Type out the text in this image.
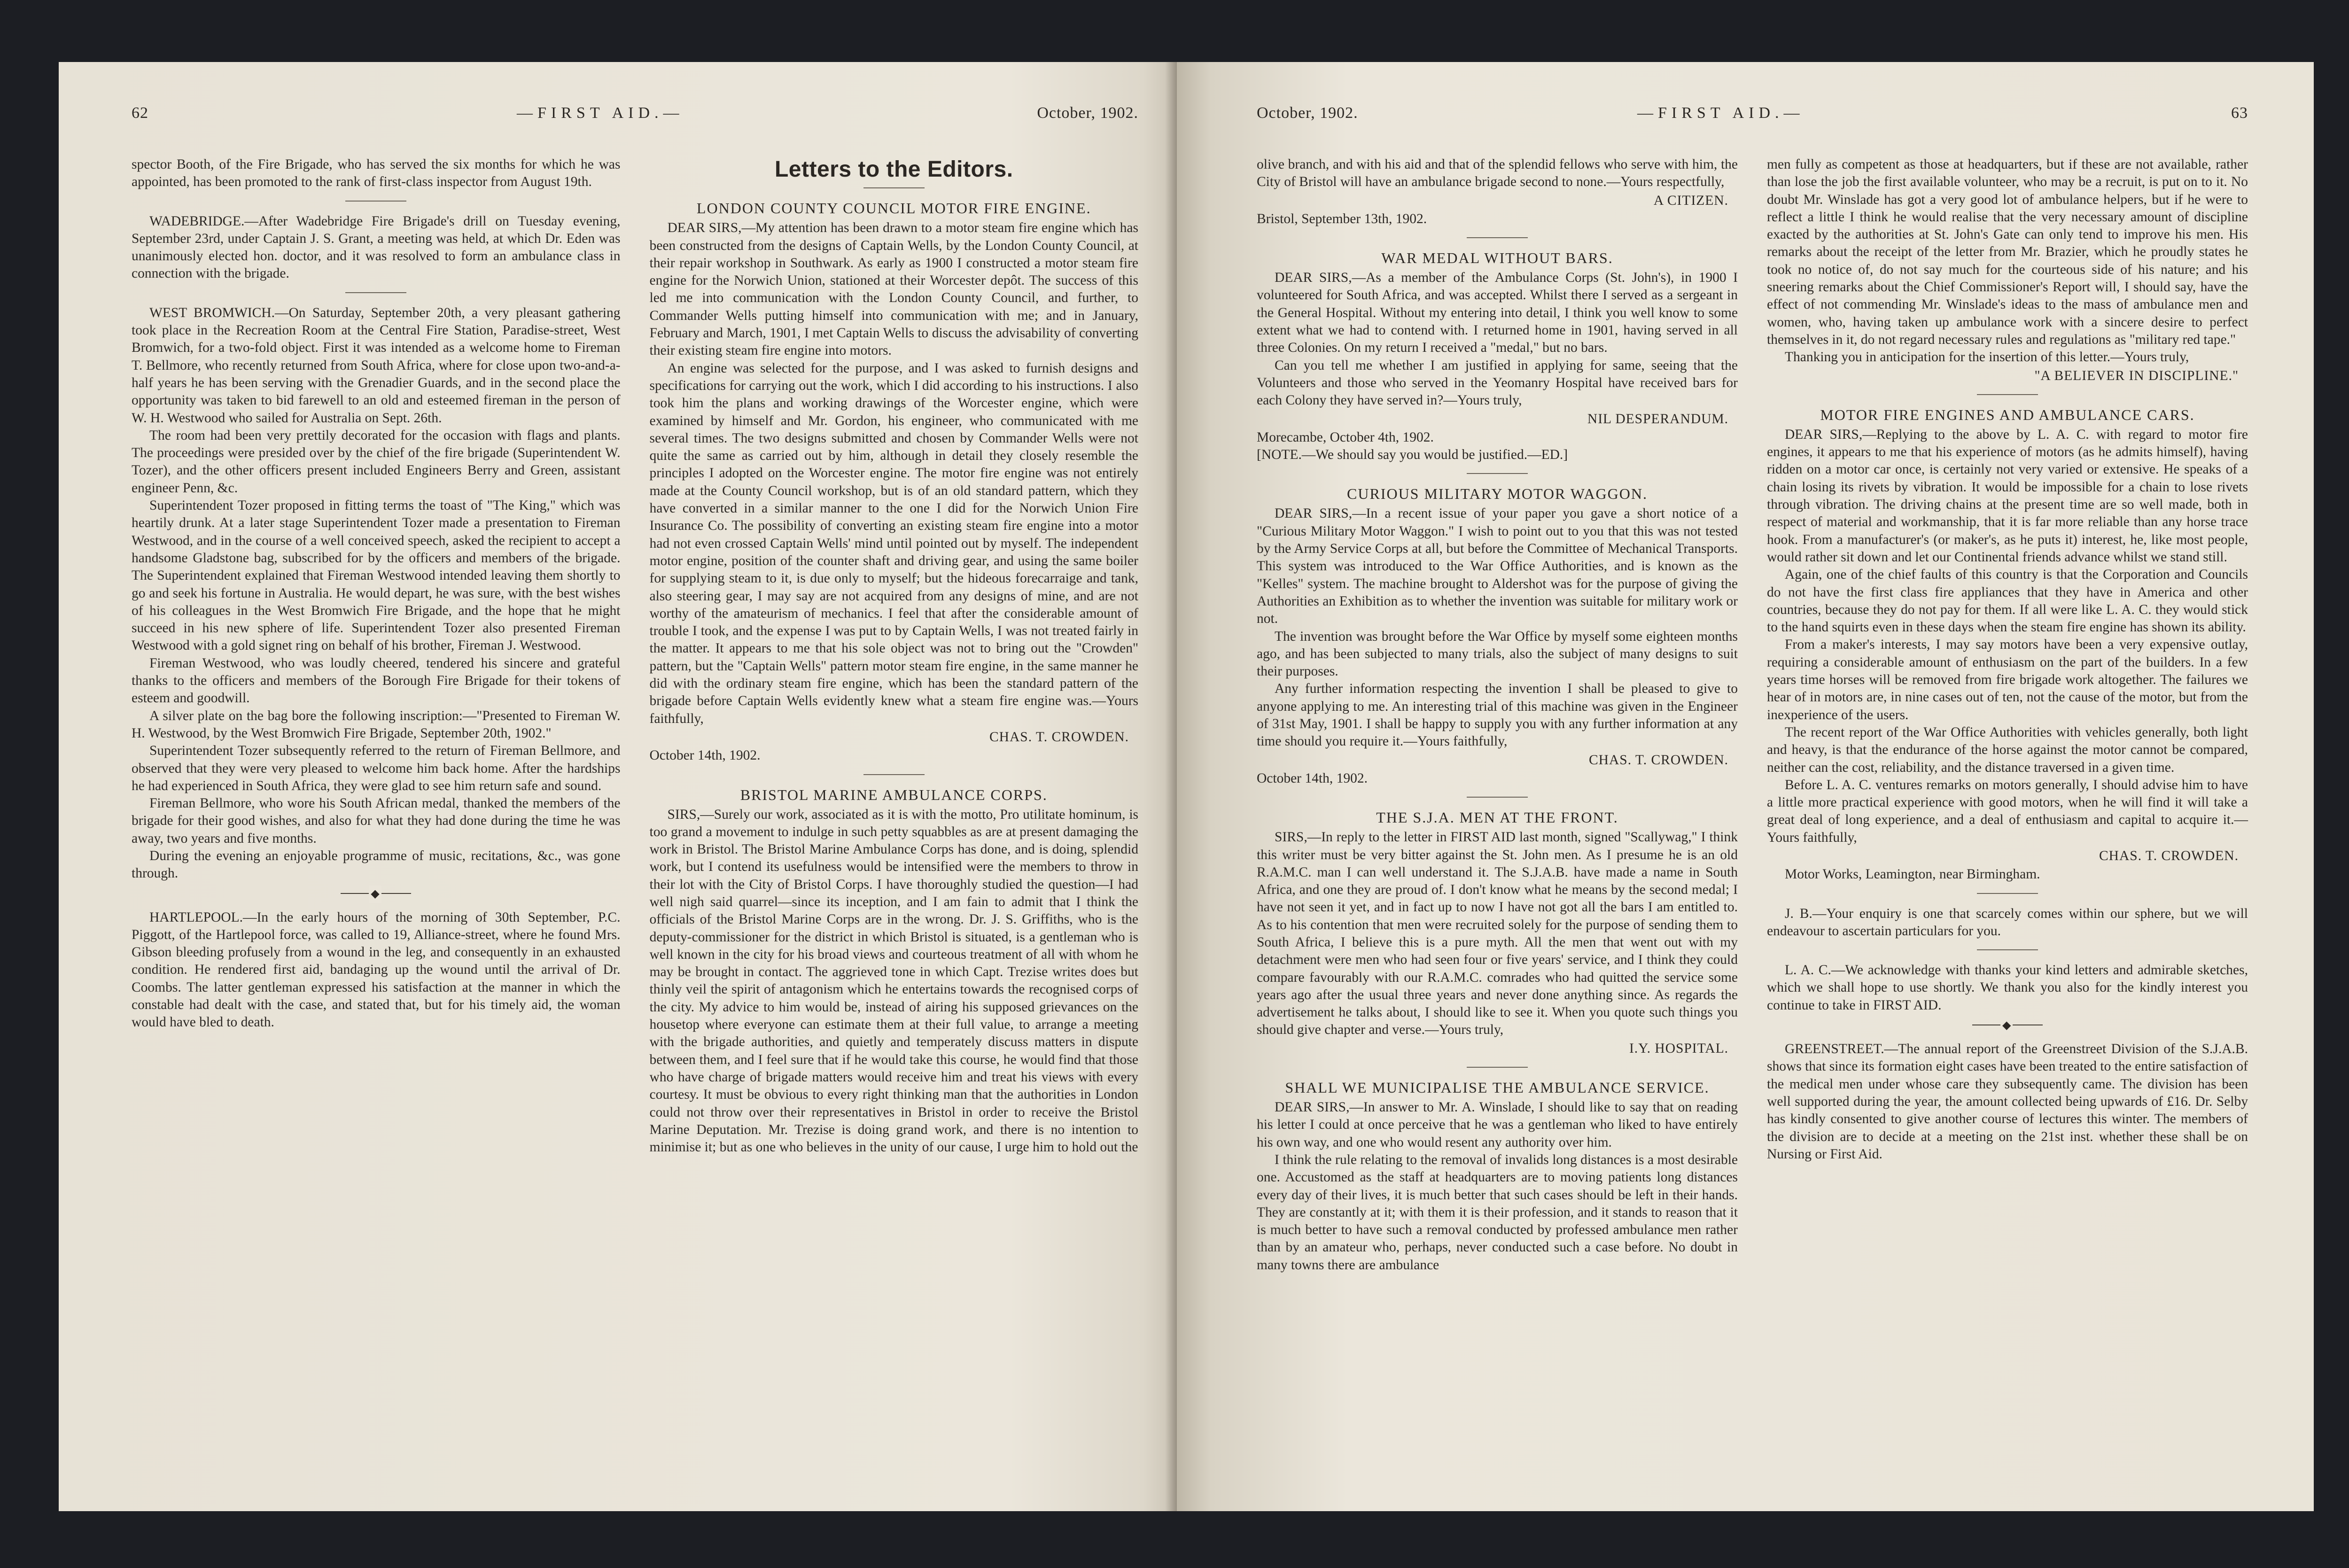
62	—FIRST AID.—	October, 1902.

spector Booth, of the Fire Brigade, who has served the six months for which he was appointed, has been promoted to the rank of first-class inspector from August 19th.

WADEBRIDGE.—After Wadebridge Fire Brigade's drill on Tuesday evening, September 23rd, under Captain J. S. Grant, a meeting was held, at which Dr. Eden was unanimously elected hon. doctor, and it was resolved to form an ambulance class in connection with the brigade.

WEST BROMWICH.—On Saturday, September 20th, a very pleasant gathering took place in the Recreation Room at the Central Fire Station, Paradise-street, West Bromwich, for a two-fold object. First it was intended as a welcome home to Fireman T. Bellmore, who recently returned from South Africa, where for close upon two-and-a-half years he has been serving with the Grenadier Guards, and in the second place the opportunity was taken to bid farewell to an old and esteemed fireman in the person of W. H. Westwood who sailed for Australia on Sept. 26th.

The room had been very prettily decorated for the occasion with flags and plants. The proceedings were presided over by the chief of the fire brigade (Superintendent W. Tozer), and the other officers present included Engineers Berry and Green, assistant engineer Penn, &c.

Superintendent Tozer proposed in fitting terms the toast of "The King," which was heartily drunk. At a later stage Superintendent Tozer made a presentation to Fireman Westwood, and in the course of a well conceived speech, asked the recipient to accept a handsome Gladstone bag, subscribed for by the officers and members of the brigade. The Superintendent explained that Fireman Westwood intended leaving them shortly to go and seek his fortune in Australia. He would depart, he was sure, with the best wishes of his colleagues in the West Bromwich Fire Brigade, and the hope that he might succeed in his new sphere of life. Superintendent Tozer also presented Fireman Westwood with a gold signet ring on behalf of his brother, Fireman J. Westwood.

Fireman Westwood, who was loudly cheered, tendered his sincere and grateful thanks to the officers and members of the Borough Fire Brigade for their tokens of esteem and goodwill.

A silver plate on the bag bore the following inscription:—"Presented to Fireman W. H. Westwood, by the West Bromwich Fire Brigade, September 20th, 1902."

Superintendent Tozer subsequently referred to the return of Fireman Bellmore, and observed that they were very pleased to welcome him back home. After the hardships he had experienced in South Africa, they were glad to see him return safe and sound.

Fireman Bellmore, who wore his South African medal, thanked the members of the brigade for their good wishes, and also for what they had done during the time he was away, two years and five months.

During the evening an enjoyable programme of music, recitations, &c., was gone through.

◆

HARTLEPOOL.—In the early hours of the morning of 30th September, P.C. Piggott, of the Hartlepool force, was called to 19, Alliance-street, where he found Mrs. Gibson bleeding profusely from a wound in the leg, and consequently in an exhausted condition. He rendered first aid, bandaging up the wound until the arrival of Dr. Coombs. The latter gentleman expressed his satisfaction at the manner in which the constable had dealt with the case, and stated that, but for his timely aid, the woman would have bled to death.

Letters to the Editors.
LONDON COUNTY COUNCIL MOTOR FIRE ENGINE.

DEAR SIRS,—My attention has been drawn to a motor steam fire engine which has been constructed from the designs of Captain Wells, by the London County Council, at their repair workshop in Southwark. As early as 1900 I constructed a motor steam fire engine for the Norwich Union, stationed at their Worcester depôt. The success of this led me into communication with the London County Council, and further, to Commander Wells putting himself into communication with me; and in January, February and March, 1901, I met Captain Wells to discuss the advisability of converting their existing steam fire engine into motors.

An engine was selected for the purpose, and I was asked to furnish designs and specifications for carrying out the work, which I did according to his instructions. I also took him the plans and working drawings of the Worcester engine, which were examined by himself and Mr. Gordon, his engineer, who communicated with me several times. The two designs submitted and chosen by Commander Wells were not quite the same as carried out by him, although in detail they closely resemble the principles I adopted on the Worcester engine. The motor fire engine was not entirely made at the County Council workshop, but is of an old standard pattern, which they have converted in a similar manner to the one I did for the Norwich Union Fire Insurance Co. The possibility of converting an existing steam fire engine into a motor had not even crossed Captain Wells' mind until pointed out by myself. The independent motor engine, position of the counter shaft and driving gear, and using the same boiler for supplying steam to it, is due only to myself; but the hideous forecarraige and tank, also steering gear, I may say are not acquired from any designs of mine, and are not worthy of the amateurism of mechanics. I feel that after the considerable amount of trouble I took, and the expense I was put to by Captain Wells, I was not treated fairly in the matter. It appears to me that his sole object was not to bring out the "Crowden" pattern, but the "Captain Wells" pattern motor steam fire engine, in the same manner he did with the ordinary steam fire engine, which has been the standard pattern of the brigade before Captain Wells evidently knew what a steam fire engine was.—Yours faithfully,

CHAS. T. CROWDEN.

October 14th, 1902.

BRISTOL MARINE AMBULANCE CORPS.

SIRS,—Surely our work, associated as it is with the motto, Pro utilitate hominum, is too grand a movement to indulge in such petty squabbles as are at present damaging the work in Bristol. The Bristol Marine Ambulance Corps has done, and is doing, splendid work, but I contend its usefulness would be intensified were the members to throw in their lot with the City of Bristol Corps. I have thoroughly studied the question—I had well nigh said quarrel—since its inception, and I am fain to admit that I think the officials of the Bristol Marine Corps are in the wrong. Dr. J. S. Griffiths, who is the deputy-commissioner for the district in which Bristol is situated, is a gentleman who is well known in the city for his broad views and courteous treatment of all with whom he may be brought in contact. The aggrieved tone in which Capt. Trezise writes does but thinly veil the spirit of antagonism which he entertains towards the recognised corps of the city. My advice to him would be, instead of airing his supposed grievances on the housetop where everyone can estimate them at their full value, to arrange a meeting with the brigade authorities, and quietly and temperately discuss matters in dispute between them, and I feel sure that if he would take this course, he would find that those who have charge of brigade matters would receive him and treat his views with every courtesy. It must be obvious to every right thinking man that the authorities in London could not throw over their representatives in Bristol in order to receive the Bristol Marine Deputation. Mr. Trezise is doing grand work, and there is no intention to minimise it; but as one who believes in the unity of our cause, I urge him to hold out the

October, 1902.	—FIRST AID.—	63

olive branch, and with his aid and that of the splendid fellows who serve with him, the City of Bristol will have an ambulance brigade second to none.—Yours respectfully,

A CITIZEN.

Bristol, September 13th, 1902.

WAR MEDAL WITHOUT BARS.

DEAR SIRS,—As a member of the Ambulance Corps (St. John's), in 1900 I volunteered for South Africa, and was accepted. Whilst there I served as a sergeant in the General Hospital. Without my entering into detail, I think you well know to some extent what we had to contend with. I returned home in 1901, having served in all three Colonies. On my return I received a "medal," but no bars.

Can you tell me whether I am justified in applying for same, seeing that the Volunteers and those who served in the Yeomanry Hospital have received bars for each Colony they have served in?—Yours truly,

NIL DESPERANDUM.

Morecambe, October 4th, 1902.

[NOTE.—We should say you would be justified.—ED.]

CURIOUS MILITARY MOTOR WAGGON.

DEAR SIRS,—In a recent issue of your paper you gave a short notice of a "Curious Military Motor Waggon." I wish to point out to you that this was not tested by the Army Service Corps at all, but before the Committee of Mechanical Transports. This system was introduced to the War Office Authorities, and is known as the "Kelles" system. The machine brought to Aldershot was for the purpose of giving the Authorities an Exhibition as to whether the invention was suitable for military work or not.

The invention was brought before the War Office by myself some eighteen months ago, and has been subjected to many trials, also the subject of many designs to suit their purposes.

Any further information respecting the invention I shall be pleased to give to anyone applying to me. An interesting trial of this machine was given in the Engineer of 31st May, 1901. I shall be happy to supply you with any further information at any time should you require it.—Yours faithfully,

CHAS. T. CROWDEN.

October 14th, 1902.

THE S.J.A. MEN AT THE FRONT.

SIRS,—In reply to the letter in FIRST AID last month, signed "Scallywag," I think this writer must be very bitter against the St. John men. As I presume he is an old R.A.M.C. man I can well understand it. The S.J.A.B. have made a name in South Africa, and one they are proud of. I don't know what he means by the second medal; I have not seen it yet, and in fact up to now I have not got all the bars I am entitled to. As to his contention that men were recruited solely for the purpose of sending them to South Africa, I believe this is a pure myth. All the men that went out with my detachment were men who had seen four or five years' service, and I think they could compare favourably with our R.A.M.C. comrades who had quitted the service some years ago after the usual three years and never done anything since. As regards the advertisement he talks about, I should like to see it. When you quote such things you should give chapter and verse.—Yours truly,

I.Y. HOSPITAL.
SHALL WE MUNICIPALISE THE AMBULANCE SERVICE.

DEAR SIRS,—In answer to Mr. A. Winslade, I should like to say that on reading his letter I could at once perceive that he was a gentleman who liked to have entirely his own way, and one who would resent any authority over him.

I think the rule relating to the removal of invalids long distances is a most desirable one. Accustomed as the staff at headquarters are to moving patients long distances every day of their lives, it is much better that such cases should be left in their hands. They are constantly at it; with them it is their profession, and it stands to reason that it is much better to have such a removal conducted by professed ambulance men rather than by an amateur who, perhaps, never conducted such a case before. No doubt in many towns there are ambulance

men fully as competent as those at headquarters, but if these are not available, rather than lose the job the first available volunteer, who may be a recruit, is put on to it. No doubt Mr. Winslade has got a very good lot of ambulance helpers, but if he were to reflect a little I think he would realise that the very necessary amount of discipline exacted by the authorities at St. John's Gate can only tend to improve his men. His remarks about the receipt of the letter from Mr. Brazier, which he proudly states he took no notice of, do not say much for the courteous side of his nature; and his sneering remarks about the Chief Commissioner's Report will, I should say, have the effect of not commending Mr. Winslade's ideas to the mass of ambulance men and women, who, having taken up ambulance work with a sincere desire to perfect themselves in it, do not regard necessary rules and regulations as "military red tape."

Thanking you in anticipation for the insertion of this letter.—Yours truly,

"A BELIEVER IN DISCIPLINE."
MOTOR FIRE ENGINES AND AMBULANCE CARS.

DEAR SIRS,—Replying to the above by L. A. C. with regard to motor fire engines, it appears to me that his experience of motors (as he admits himself), having ridden on a motor car once, is certainly not very varied or extensive. He speaks of a chain losing its rivets by vibration. It would be impossible for a chain to lose rivets through vibration. The driving chains at the present time are so well made, both in respect of material and workmanship, that it is far more reliable than any horse trace hook. From a manufacturer's (or maker's, as he puts it) interest, he, like most people, would rather sit down and let our Continental friends advance whilst we stand still.

Again, one of the chief faults of this country is that the Corporation and Councils do not have the first class fire appliances that they have in America and other countries, because they do not pay for them. If all were like L. A. C. they would stick to the hand squirts even in these days when the steam fire engine has shown its ability.

From a maker's interests, I may say motors have been a very expensive outlay, requiring a considerable amount of enthusiasm on the part of the builders. In a few years time horses will be removed from fire brigade work altogether. The failures we hear of in motors are, in nine cases out of ten, not the cause of the motor, but from the inexperience of the users.

The recent report of the War Office Authorities with vehicles generally, both light and heavy, is that the endurance of the horse against the motor cannot be compared, neither can the cost, reliability, and the distance traversed in a given time.

Before L. A. C. ventures remarks on motors generally, I should advise him to have a little more practical experience with good motors, when he will find it will take a great deal of long experience, and a deal of enthusiasm and capital to acquire it.—Yours faithfully,

CHAS. T. CROWDEN.

Motor Works, Leamington, near Birmingham.

J. B.—Your enquiry is one that scarcely comes within our sphere, but we will endeavour to ascertain particulars for you.

L. A. C.—We acknowledge with thanks your kind letters and admirable sketches, which we shall hope to use shortly. We thank you also for the kindly interest you continue to take in FIRST AID.

◆

GREENSTREET.—The annual report of the Greenstreet Division of the S.J.A.B. shows that since its formation eight cases have been treated to the entire satisfaction of the medical men under whose care they subsequently came. The division has been well supported during the year, the amount collected being upwards of £16. Dr. Selby has kindly consented to give another course of lectures this winter. The members of the division are to decide at a meeting on the 21st inst. whether these shall be on Nursing or First Aid.
